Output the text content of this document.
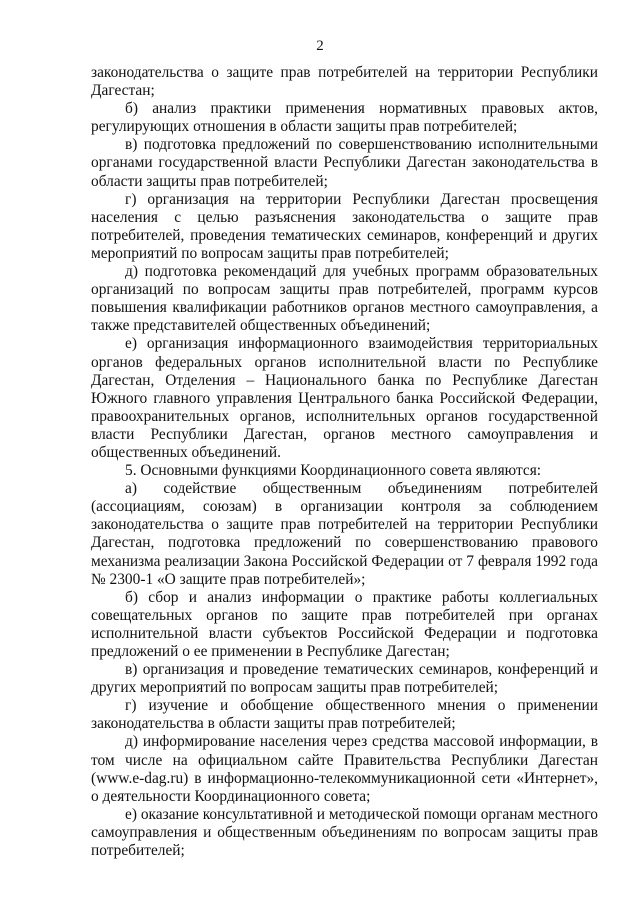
2

законодательства о защите прав потребителей на территории Республики Дагестан;

б) анализ практики применения нормативных правовых актов, регулирующих отношения в области защиты прав потребителей;

в) подготовка предложений по совершенствованию исполнительными органами государственной власти Республики Дагестан законодательства в области защиты прав потребителей;

г) организация на территории Республики Дагестан просвещения населения с целью разъяснения законодательства о защите прав потребителей, проведения тематических семинаров, конференций и других мероприятий по вопросам защиты прав потребителей;

д) подготовка рекомендаций для учебных программ образовательных организаций по вопросам защиты прав потребителей, программ курсов повышения квалификации работников органов местного самоуправления, а также представителей общественных объединений;

е) организация информационного взаимодействия территориальных органов федеральных органов исполнительной власти по Республике Дагестан, Отделения – Национального банка по Республике Дагестан Южного главного управления Центрального банка Российской Федерации, правоохранительных органов, исполнительных органов государственной власти Республики Дагестан, органов местного самоуправления и общественных объединений.

5. Основными функциями Координационного совета являются:

а) содействие общественным объединениям потребителей (ассоциациям, союзам) в организации контроля за соблюдением законодательства о защите прав потребителей на территории Республики Дагестан, подготовка предложений по совершенствованию правового механизма реализации Закона Российской Федерации от 7 февраля 1992 года № 2300-1 «О защите прав потребителей»;

б) сбор и анализ информации о практике работы коллегиальных совещательных органов по защите прав потребителей при органах исполнительной власти субъектов Российской Федерации и подготовка предложений о ее применении в Республике Дагестан;

в) организация и проведение тематических семинаров, конференций и других мероприятий по вопросам защиты прав потребителей;

г) изучение и обобщение общественного мнения о применении законодательства в области защиты прав потребителей;

д) информирование населения через средства массовой информации, в том числе на официальном сайте Правительства Республики Дагестан (www.e-dag.ru) в информационно-телекоммуникационной сети «Интернет», о деятельности Координационного совета;

е) оказание консультативной и методической помощи органам местного самоуправления и общественным объединениям по вопросам защиты прав потребителей;
